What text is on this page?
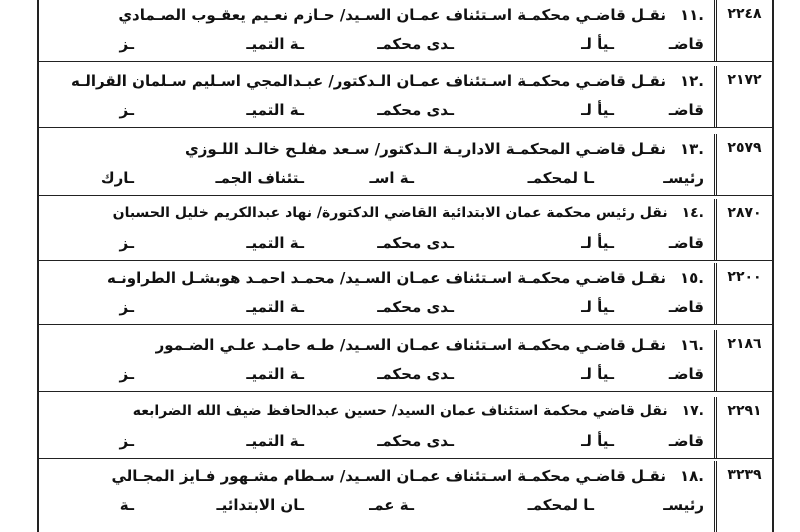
٢٢٤٨
.١١نقـل قاضـي محكمـة اسـتئناف عمـان السـيد/ حـازم نعـيم يعقـوب الصـمادي
قاضـ
ـيأ لـ
ـدى محكمـ
ـة التميـ
ـز
٢١٧٢
.١٢نقـل قاضـي محكمـة اسـتئناف عمـان الـدكتور/ عبـدالمجي اسـليم سـلمان القرالـه
قاضـ
ـيأ لـ
ـدى محكمـ
ـة التميـ
ـز
٢٥٧٩
.١٣نقـل قاضـي المحكمـة الاداريـة الـدكتور/ سـعد مفلـح خالـد اللـوزي
رئيسـ
ـا لمحكمـ
ـة اسـ
ـتئناف الجمـ
ـارك
٢٨٧٠
.١٤نقل رئيس محكمة عمان الابتدائية القاضي الدكتورة/ نهاد عبدالكريم خليل الحسبان
قاضـ
ـيأ لـ
ـدى محكمـ
ـة التميـ
ـز
٢٢٠٠
.١٥نقـل قاضـي محكمـة اسـتئناف عمـان السـيد/ محمـد احمـد هوبشـل الطراونـه
قاضـ
ـيأ لـ
ـدى محكمـ
ـة التميـ
ـز
٢١٨٦
.١٦نقـل قاضـي محكمـة اسـتئناف عمـان السـيد/ طـه حامـد علـي الضـمور
قاضـ
ـيأ لـ
ـدى محكمـ
ـة التميـ
ـز
٢٢٩١
.١٧نقل قاضي محكمة استئناف عمان السيد/ حسين عبدالحافظ ضيف الله الضرابعه
قاضـ
ـيأ لـ
ـدى محكمـ
ـة التميـ
ـز
٣٢٣٩
.١٨نقـل قاضـي محكمـة اسـتئناف عمـان السـيد/ سـطام مشـهور فـايز المجـالي
رئيسـ
ـا لمحكمـ
ـة عمـ
ـان الابتدائيـ
ـة
